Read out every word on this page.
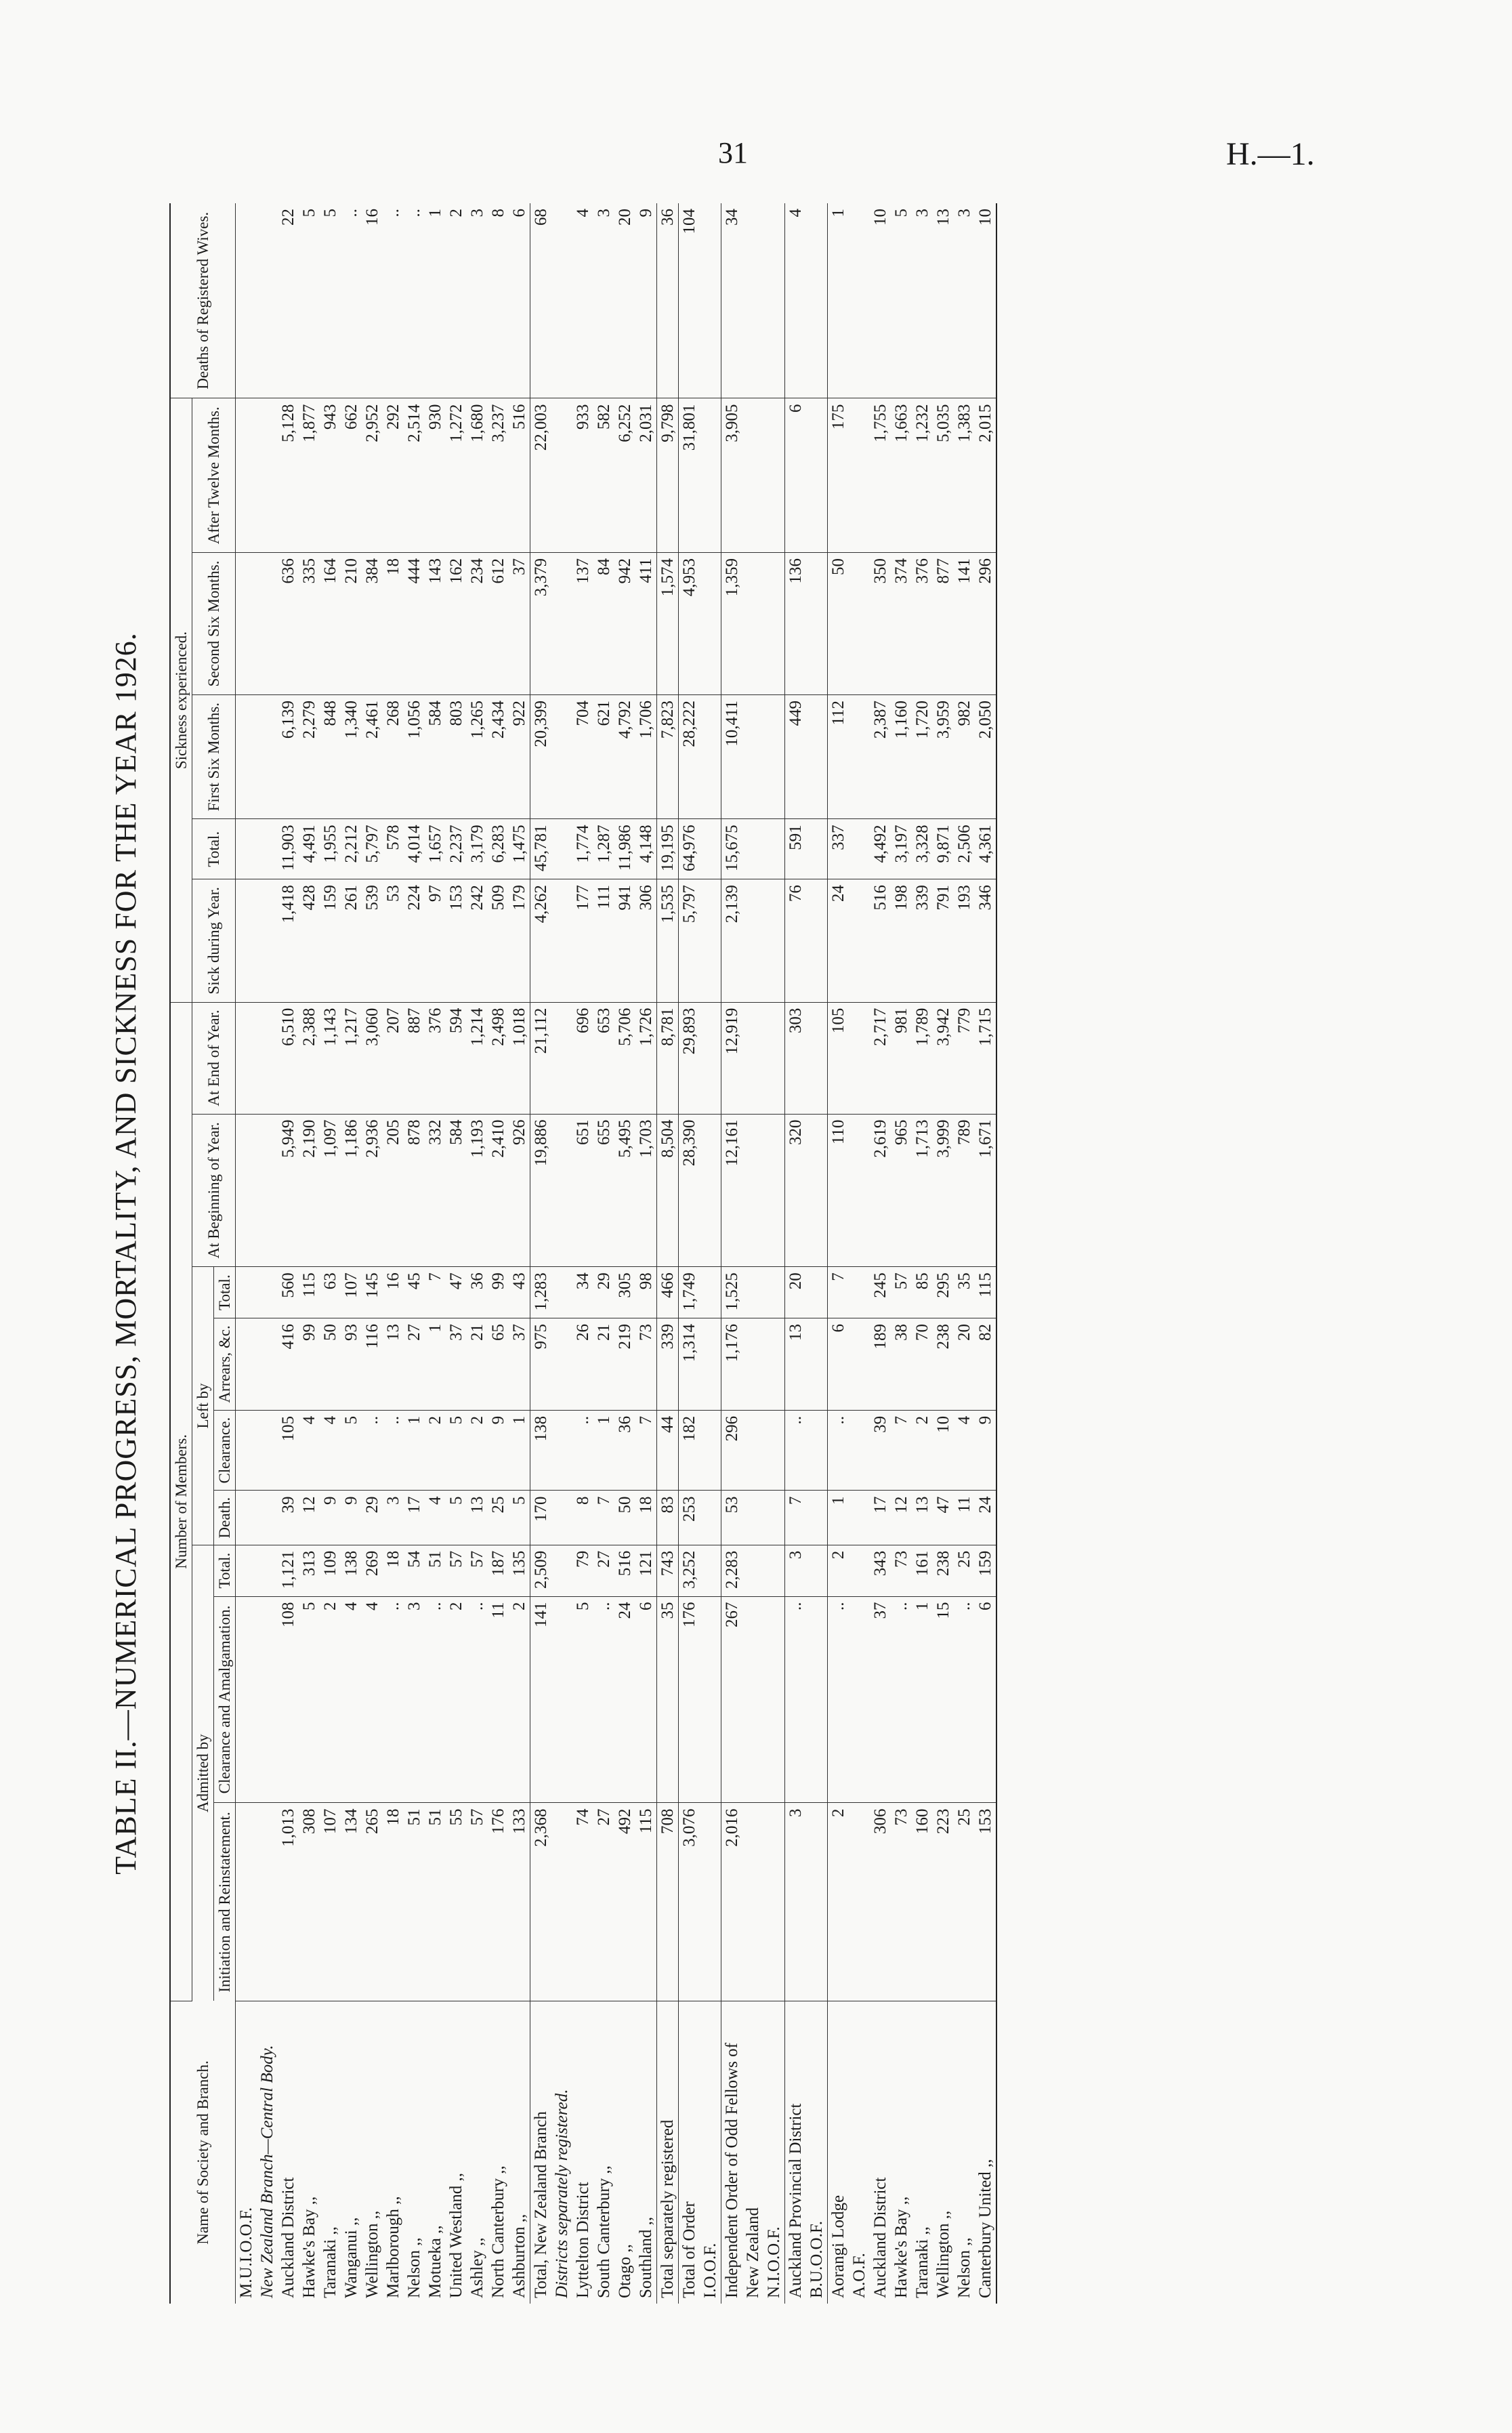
31	H.—1.
TABLE II.—NUMERICAL PROGRESS, MORTALITY, AND SICKNESS FOR THE YEAR 1926.
Name of Society and Branch.	Number of Members.									Sickness experienced.					Deaths of Registered Wives.
	Admitted by			Left by				At Beginning of Year.	At End of Year.	Sick during Year.	Total.	First Six Months.	Second Six Months.	After Twelve Months.	
	Initiation and Reinstatement.	Clearance and Amalgamation.	Total.	Death.	Clearance.	Arrears, &c.	Total.								
M.U.I.O.O.F.															
New Zealand Branch—Central Body.															
Auckland District	1,013	108	1,121	39	105	416	560	5,949	6,510	1,418	11,903	6,139	636	5,128	22
Hawke's Bay ,,	308	5	313	12	4	99	115	2,190	2,388	428	4,491	2,279	335	1,877	5
Taranaki ,,	107	2	109	9	4	50	63	1,097	1,143	159	1,955	848	164	943	5
Wanganui ,,	134	4	138	9	5	93	107	1,186	1,217	261	2,212	1,340	210	662	..
Wellington ,,	265	4	269	29	..	116	145	2,936	3,060	539	5,797	2,461	384	2,952	16
Marlborough ,,	18	..	18	3	..	13	16	205	207	53	578	268	18	292	..
Nelson ,,	51	3	54	17	1	27	45	878	887	224	4,014	1,056	444	2,514	..
Motueka ,,	51	..	51	4	2	1	7	332	376	97	1,657	584	143	930	1
United Westland ,,	55	2	57	5	5	37	47	584	594	153	2,237	803	162	1,272	2
Ashley ,,	57	..	57	13	2	21	36	1,193	1,214	242	3,179	1,265	234	1,680	3
North Canterbury ,,	176	11	187	25	9	65	99	2,410	2,498	509	6,283	2,434	612	3,237	8
Ashburton ,,	133	2	135	5	1	37	43	926	1,018	179	1,475	922	37	516	6
Total, New Zealand Branch	2,368	141	2,509	170	138	975	1,283	19,886	21,112	4,262	45,781	20,399	3,379	22,003	68
Districts separately registered.															
Lyttelton District	74	5	79	8	..	26	34	651	696	177	1,774	704	137	933	4
South Canterbury ,,	27	..	27	7	1	21	29	655	653	111	1,287	621	84	582	3
Otago ,,	492	24	516	50	36	219	305	5,495	5,706	941	11,986	4,792	942	6,252	20
Southland ,,	115	6	121	18	7	73	98	1,703	1,726	306	4,148	1,706	411	2,031	9
Total separately registered	708	35	743	83	44	339	466	8,504	8,781	1,535	19,195	7,823	1,574	9,798	36
Total of Order	3,076	176	3,252	253	182	1,314	1,749	28,390	29,893	5,797	64,976	28,222	4,953	31,801	104
I.O.O.F.															
Independent Order of Odd Fellows of New Zealand	2,016	267	2,283	53	296	1,176	1,525	12,161	12,919	2,139	15,675	10,411	1,359	3,905	34
N.I.O.O.F.															
Auckland Provincial District	3	..	3	7	..	13	20	320	303	76	591	449	136	6	4
B.U.O.O.F.															
Aorangi Lodge	2	..	2	1	..	6	7	110	105	24	337	112	50	175	1
A.O.F.															
Auckland District	306	37	343	17	39	189	245	2,619	2,717	516	4,492	2,387	350	1,755	10
Hawke's Bay ,,	73	..	73	12	7	38	57	965	981	198	3,197	1,160	374	1,663	5
Taranaki ,,	160	1	161	13	2	70	85	1,713	1,789	339	3,328	1,720	376	1,232	3
Wellington ,,	223	15	238	47	10	238	295	3,999	3,942	791	9,871	3,959	877	5,035	13
Nelson ,,	25	..	25	11	4	20	35	789	779	193	2,506	982	141	1,383	3
Canterbury United ,,	153	6	159	24	9	82	115	1,671	1,715	346	4,361	2,050	296	2,015	10
